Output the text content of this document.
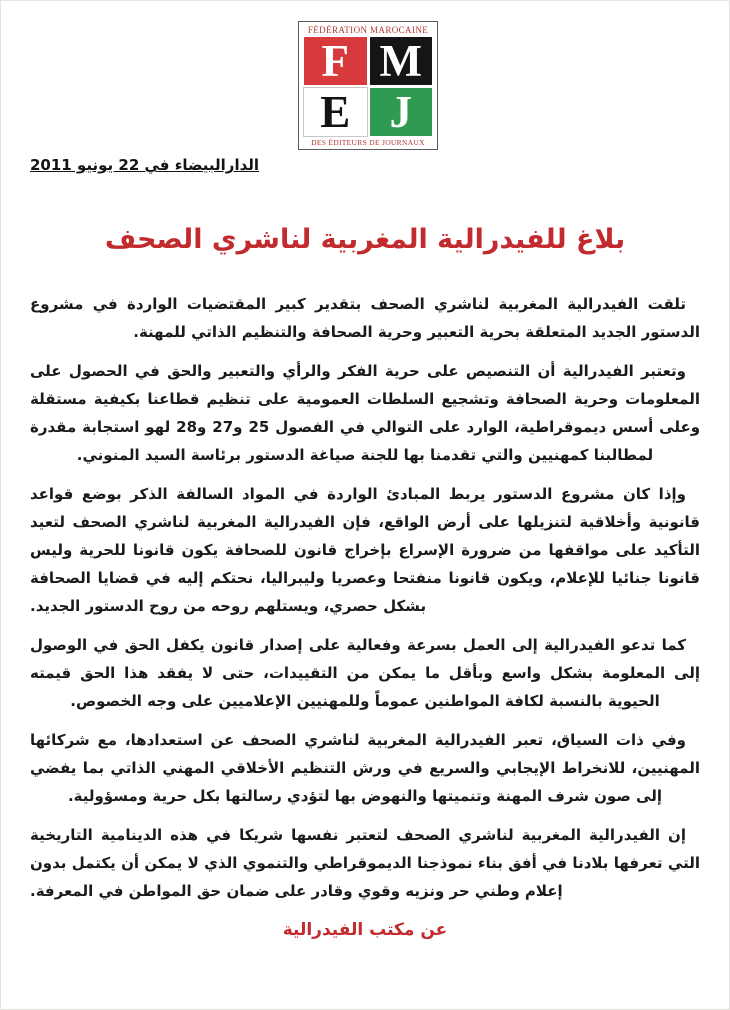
FÉDÉRATION MAROCAINE
F M
E J
DES ÉDITEURS DE JOURNAUX
الدارالبيضاء في 22 يونيو 2011
بلاغ للفيدرالية المغربية لناشري الصحف

تلقت الفيدرالية المغربية لناشري الصحف بتقدير كبير المقتضيات الواردة في مشروع الدستور الجديد المتعلقة بحرية التعبير وحرية الصحافة والتنظيم الذاتي للمهنة.

وتعتبر الفيدرالية أن التنصيص على حرية الفكر والرأي والتعبير والحق في الحصول على المعلومات وحرية الصحافة وتشجيع السلطات العمومية على تنظيم قطاعنا بكيفية مستقلة وعلى أسس ديموقراطية، الوارد على التوالي في الفصول 25 و27 و28 لهو استجابة مقدرة لمطالبنا كمهنيين والتي تقدمنا بها للجنة صياغة الدستور برئاسة السيد المنوني.

وإذا كان مشروع الدستور يربط المبادئ الواردة في المواد السالفة الذكر بوضع قواعد قانونية وأخلاقية لتنزيلها على أرض الواقع، فإن الفيدرالية المغربية لناشري الصحف لتعيد التأكيد على مواقفها من ضرورة الإسراع بإخراج قانون للصحافة يكون قانونا للحرية وليس قانونا جنائيا للإعلام، ويكون قانونا منفتحا وعصريا وليبراليا، نحتكم إليه في قضايا الصحافة بشكل حصري، ويستلهم روحه من روح الدستور الجديد.

كما تدعو الفيدرالية إلى العمل بسرعة وفعالية على إصدار قانون يكفل الحق في الوصول إلى المعلومة بشكل واسع وبأقل ما يمكن من التقييدات، حتى لا يفقد هذا الحق قيمته الحيوية بالنسبة لكافة المواطنين عموماً وللمهنيين الإعلاميين على وجه الخصوص.

وفي ذات السياق، تعبر الفيدرالية المغربية لناشري الصحف عن استعدادها، مع شركائها المهنيين، للانخراط الإيجابي والسريع في ورش التنظيم الأخلاقي المهني الذاتي بما يفضي إلى صون شرف المهنة وتنميتها والنهوض بها لتؤدي رسالتها بكل حرية ومسؤولية.

إن الفيدرالية المغربية لناشري الصحف لتعتبر نفسها شريكا في هذه الدينامية التاريخية التي تعرفها بلادنا في أفق بناء نموذجنا الديموقراطي والتنموي الذي لا يمكن أن يكتمل بدون إعلام وطني حر ونزيه وقوي وقادر على ضمان حق المواطن في المعرفة.

عن مكتب الفيدرالية
